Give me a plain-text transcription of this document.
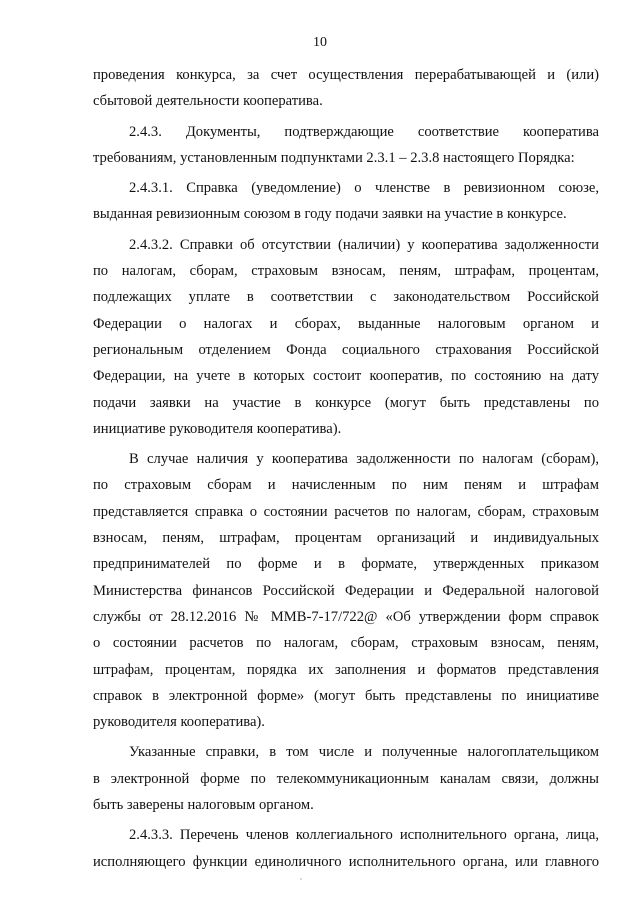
10
проведения конкурса, за счет осуществления перерабатывающей и (или)
сбытовой деятельности кооператива.
2.4.3. Документы, подтверждающие соответствие кооператива
требованиям, установленным подпунктами 2.3.1 – 2.3.8 настоящего Порядка:
2.4.3.1. Справка (уведомление) о членстве в ревизионном союзе,
выданная ревизионным союзом в году подачи заявки на участие в конкурсе.
2.4.3.2. Справки об отсутствии (наличии) у кооператива задолженности
по налогам, сборам, страховым взносам, пеням, штрафам, процентам,
подлежащих уплате в соответствии с законодательством Российской
Федерации о налогах и сборах, выданные налоговым органом и
региональным отделением Фонда социального страхования Российской
Федерации, на учете в которых состоит кооператив, по состоянию на дату
подачи заявки на участие в конкурсе (могут быть представлены по
инициативе руководителя кооператива).
В случае наличия у кооператива задолженности по налогам (сборам),
по страховым сборам и начисленным по ним пеням и штрафам
представляется справка о состоянии расчетов по налогам, сборам, страховым
взносам, пеням, штрафам, процентам организаций и индивидуальных
предпринимателей по форме и в формате, утвержденных приказом
Министерства финансов Российской Федерации и Федеральной налоговой
службы от 28.12.2016 № ММВ-7-17/722@ «Об утверждении форм справок
о состоянии расчетов по налогам, сборам, страховым взносам, пеням,
штрафам, процентам, порядка их заполнения и форматов представления
справок в электронной форме» (могут быть представлены по инициативе
руководителя кооператива).
Указанные справки, в том числе и полученные налогоплательщиком
в электронной форме по телекоммуникационным каналам связи, должны
быть заверены налоговым органом.
2.4.3.3. Перечень членов коллегиального исполнительного органа, лица,
исполняющего функции единоличного исполнительного органа, или главного
